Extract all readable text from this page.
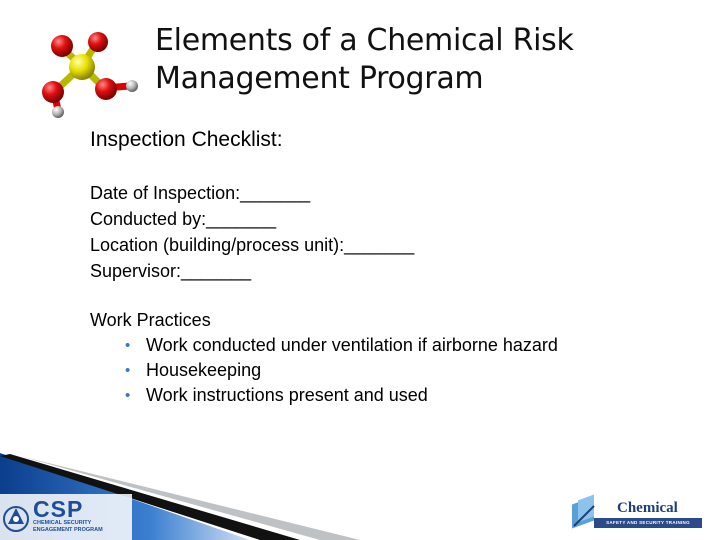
Elements of a Chemical Risk
Management Program
Inspection Checklist:
Date of Inspection:_______
Conducted by:_______
Location (building/process unit):_______
Supervisor:_______
Work Practices
• Work conducted under ventilation if airborne hazard
• Housekeeping
• Work instructions present and used
CSP
CHEMICAL SECURITY ENGAGEMENT PROGRAM
Chemical
SAFETY AND SECURITY TRAINING
